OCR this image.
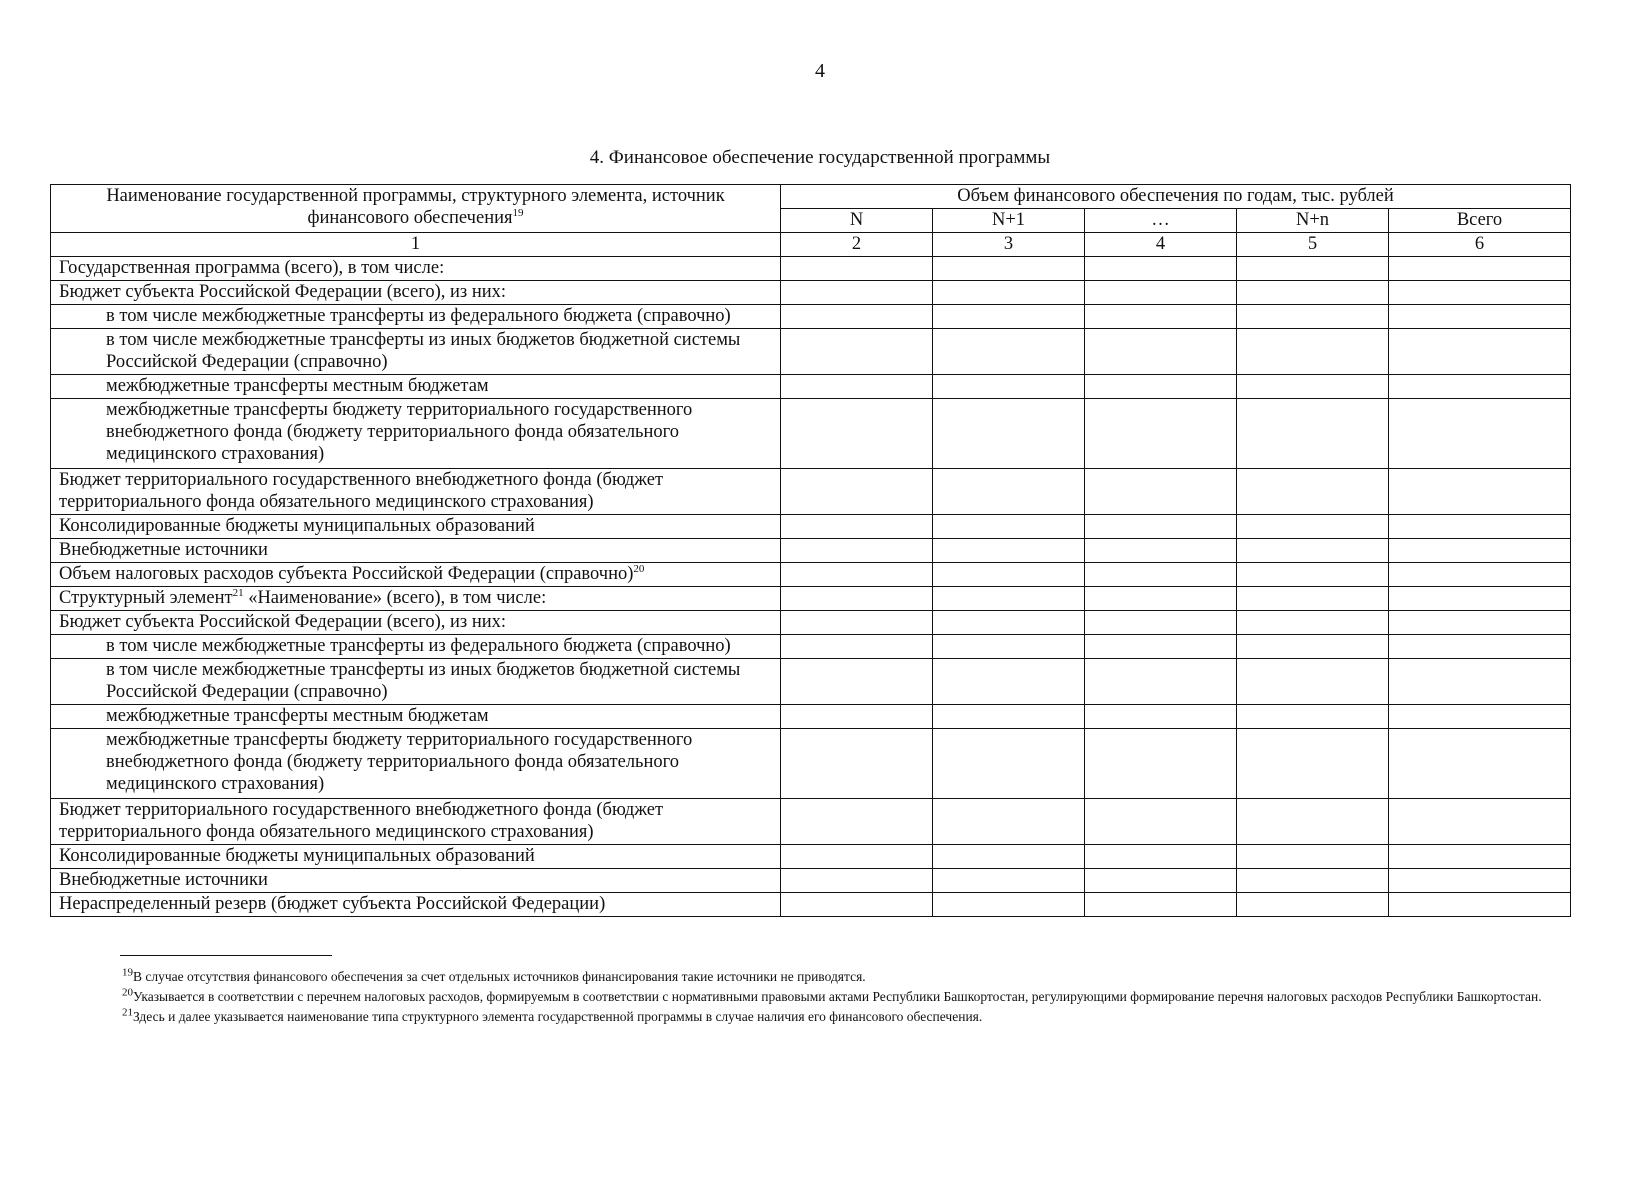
4
4. Финансовое обеспечение государственной программы
Наименование государственной программы, структурного элемента, источник финансового обеспечения$^{19}$	Объем финансового обеспечения по годам, тыс. рублей				
	N	N+1	…	N+n	Всего
1	2	3	4	5	6
Государственная программа (всего), в том числе:					
Бюджет субъекта Российской Федерации (всего), из них:					
в том числе межбюджетные трансферты из федерального бюджета (справочно)					
в том числе межбюджетные трансферты из иных бюджетов бюджетной системы Российской Федерации (справочно)					
межбюджетные трансферты местным бюджетам					
межбюджетные трансферты бюджету территориального государственного внебюджетного фонда (бюджету территориального фонда обязательного медицинского страхования)					
Бюджет территориального государственного внебюджетного фонда (бюджет территориального фонда обязательного медицинского страхования)					
Консолидированные бюджеты муниципальных образований					
Внебюджетные источники					
Объем налоговых расходов субъекта Российской Федерации (справочно)$^{20}$					
Структурный элемент$^{21}$ «Наименование» (всего), в том числе:					
Бюджет субъекта Российской Федерации (всего), из них:					
в том числе межбюджетные трансферты из федерального бюджета (справочно)					
в том числе межбюджетные трансферты из иных бюджетов бюджетной системы Российской Федерации (справочно)					
межбюджетные трансферты местным бюджетам					
межбюджетные трансферты бюджету территориального государственного внебюджетного фонда (бюджету территориального фонда обязательного медицинского страхования)					
Бюджет территориального государственного внебюджетного фонда (бюджет территориального фонда обязательного медицинского страхования)					
Консолидированные бюджеты муниципальных образований					
Внебюджетные источники					
Нераспределенный резерв (бюджет субъекта Российской Федерации)					

$^{19}$В случае отсутствия финансового обеспечения за счет отдельных источников финансирования такие источники не приводятся.

$^{20}$Указывается в соответствии с перечнем налоговых расходов, формируемым в соответствии с нормативными правовыми актами Республики Башкортостан, регулирующими формирование перечня налоговых расходов Республики Башкортостан.

$^{21}$Здесь и далее указывается наименование типа структурного элемента государственной программы в случае наличия его финансового обеспечения.
